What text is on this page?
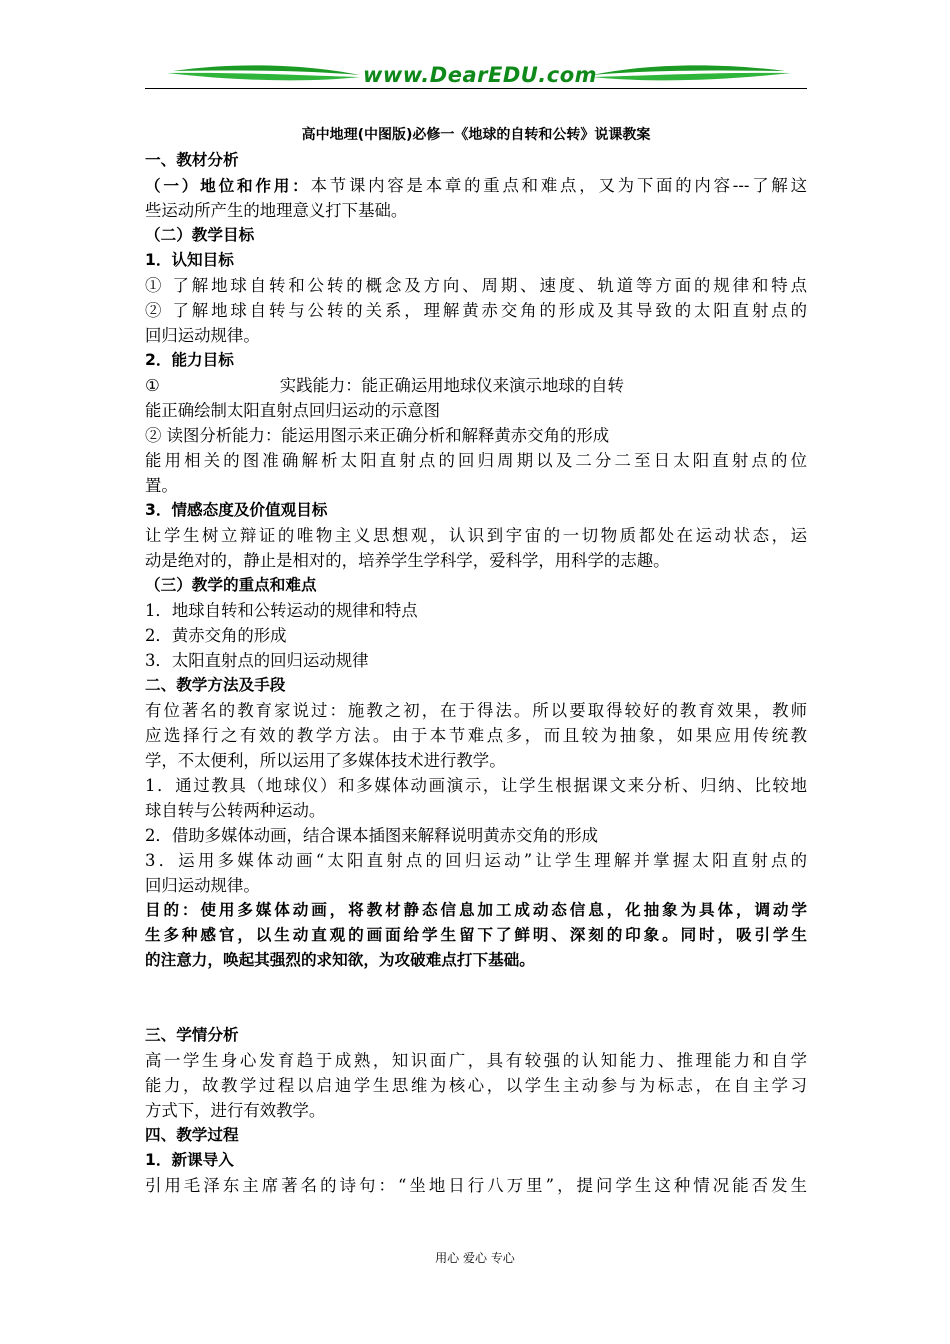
www.DearEDU.com
高中地理(中图版)必修一《地球的自转和公转》说课教案
一、教材分析
（一）地位和作用：本节课内容是本章的重点和难点，又为下面的内容---了解这
些运动所产生的地理意义打下基础。
（二）教学目标
1．认知目标
① 了解地球自转和公转的概念及方向、周期、速度、轨道等方面的规律和特点
② 了解地球自转与公转的关系，理解黄赤交角的形成及其导致的太阳直射点的
回归运动规律。
2．能力目标
①	实践能力：能正确运用地球仪来演示地球的自转
能正确绘制太阳直射点回归运动的示意图
② 读图分析能力：能运用图示来正确分析和解释黄赤交角的形成
能用相关的图准确解析太阳直射点的回归周期以及二分二至日太阳直射点的位
置。
3．情感态度及价值观目标
让学生树立辩证的唯物主义思想观，认识到宇宙的一切物质都处在运动状态，运
动是绝对的，静止是相对的，培养学生学科学，爱科学，用科学的志趣。
（三）教学的重点和难点
1．地球自转和公转运动的规律和特点
2．黄赤交角的形成
3．太阳直射点的回归运动规律
二、教学方法及手段
有位著名的教育家说过：施教之初，在于得法。所以要取得较好的教育效果，教师
应选择行之有效的教学方法。由于本节难点多，而且较为抽象，如果应用传统教
学，不太便利，所以运用了多媒体技术进行教学。
1．通过教具（地球仪）和多媒体动画演示，让学生根据课文来分析、归纳、比较地
球自转与公转两种运动。
2．借助多媒体动画，结合课本插图来解释说明黄赤交角的形成
3．运用多媒体动画“太阳直射点的回归运动”让学生理解并掌握太阳直射点的
回归运动规律。
目的：使用多媒体动画，将教材静态信息加工成动态信息，化抽象为具体，调动学
生多种感官，以生动直观的画面给学生留下了鲜明、深刻的印象。同时，吸引学生
的注意力，唤起其强烈的求知欲，为攻破难点打下基础。
三、学情分析
高一学生身心发育趋于成熟，知识面广，具有较强的认知能力、推理能力和自学
能力，故教学过程以启迪学生思维为核心，以学生主动参与为标志，在自主学习
方式下，进行有效教学。
四、教学过程
1．新课导入
引用毛泽东主席著名的诗句：“坐地日行八万里”，提问学生这种情况能否发生
用心 爱心 专心
